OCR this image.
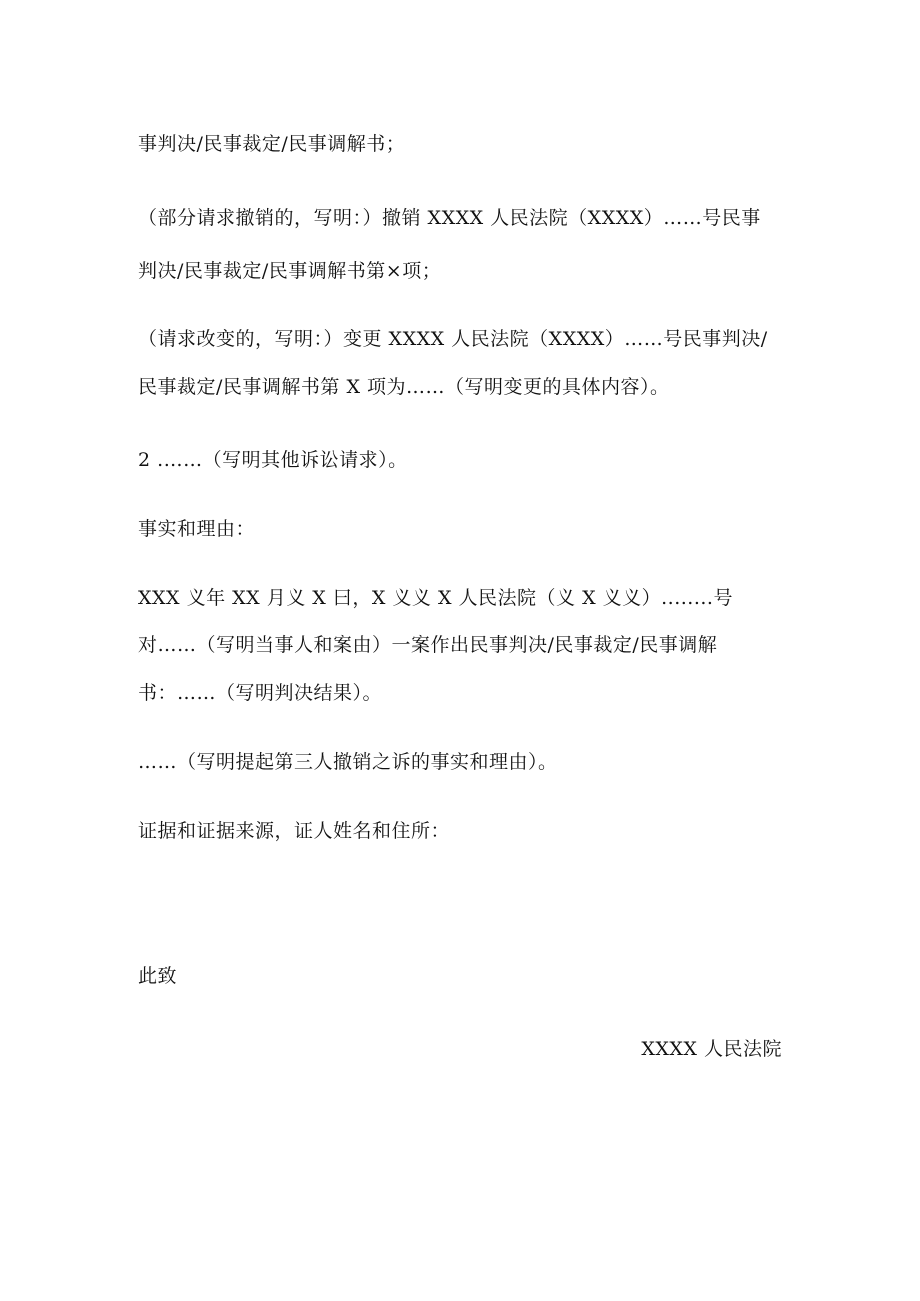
事判决/民事裁定/民事调解书；
（部分请求撤销的，写明：）撤销 XXXX 人民法院（XXXX）……号民事
判决/民事裁定/民事调解书第×项；
（请求改变的，写明：）变更 XXXX 人民法院（XXXX）……号民事判决/
民事裁定/民事调解书第 X 项为……（写明变更的具体内容）。
2 .……（写明其他诉讼请求）。
事实和理由：
XXX 义年 XX 月义 X 曰，X 义义 X 人民法院（义 X 义义）........号
对……（写明当事人和案由）一案作出民事判决/民事裁定/民事调解
书：……（写明判决结果）。
……（写明提起第三人撤销之诉的事实和理由）。
证据和证据来源，证人姓名和住所：
此致
XXXX 人民法院
